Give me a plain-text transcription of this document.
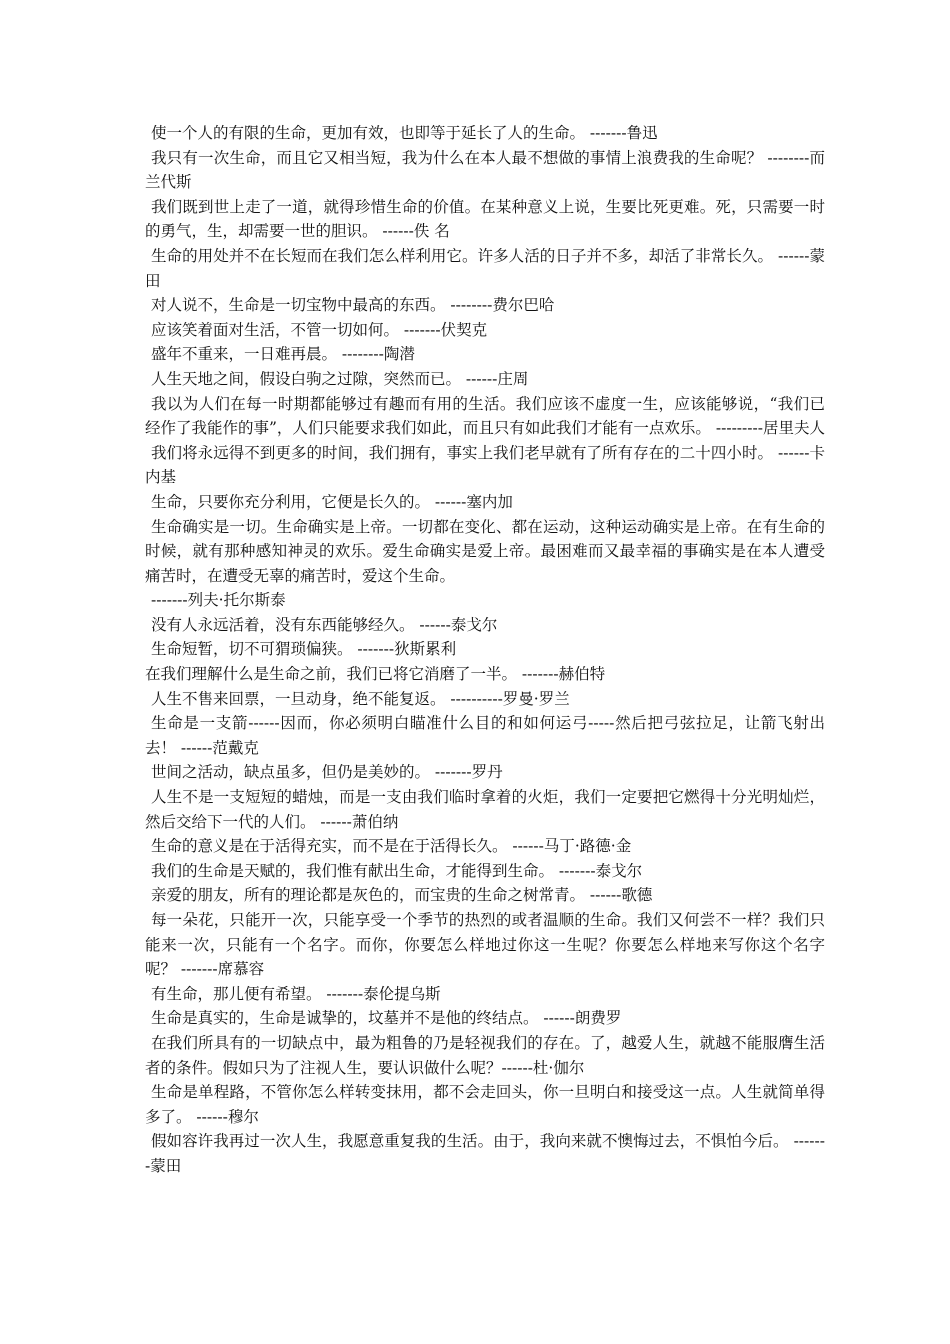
使一个人的有限的生命，更加有效，也即等于延长了人的生命。 -------鲁迅

我只有一次生命，而且它又相当短，我为什么在本人最不想做的事情上浪费我的生命呢？ --------而兰代斯

我们既到世上走了一道，就得珍惜生命的价值。在某种意义上说，生要比死更难。死，只需要一时的勇气，生，却需要一世的胆识。 ------佚 名

生命的用处并不在长短而在我们怎么样利用它。许多人活的日子并不多，却活了非常长久。 ------蒙田

对人说不，生命是一切宝物中最高的东西。 --------费尔巴哈

应该笑着面对生活，不管一切如何。 -------伏契克

盛年不重来，一日难再晨。 --------陶潜

人生天地之间，假设白驹之过隙，突然而已。 ------庄周

我以为人们在每一时期都能够过有趣而有用的生活。我们应该不虚度一生，应该能够说，“我们已经作了我能作的事”，人们只能要求我们如此，而且只有如此我们才能有一点欢乐。 ---------居里夫人

我们将永远得不到更多的时间，我们拥有，事实上我们老早就有了所有存在的二十四小时。 ------卡内基

生命，只要你充分利用，它便是长久的。 ------塞内加

生命确实是一切。生命确实是上帝。一切都在变化、都在运动，这种运动确实是上帝。在有生命的时候，就有那种感知神灵的欢乐。爱生命确实是爱上帝。最困难而又最幸福的事确实是在本人遭受痛苦时，在遭受无辜的痛苦时，爱这个生命。

-------列夫·托尔斯泰

没有人永远活着，没有东西能够经久。 ------泰戈尔

生命短暂，切不可猬琐偏狭。 -------狄斯累利

在我们理解什么是生命之前，我们已将它消磨了一半。 -------赫伯特

人生不售来回票，一旦动身，绝不能复返。 ----------罗曼·罗兰

生命是一支箭------因而，你必须明白瞄准什么目的和如何运弓-----然后把弓弦拉足，让箭飞射出去！ ------范戴克

世间之活动，缺点虽多，但仍是美妙的。 -------罗丹

人生不是一支短短的蜡烛，而是一支由我们临时拿着的火炬，我们一定要把它燃得十分光明灿烂，然后交给下一代的人们。 ------萧伯纳

生命的意义是在于活得充实，而不是在于活得长久。 ------马丁·路德·金

我们的生命是天赋的，我们惟有献出生命，才能得到生命。 -------泰戈尔

亲爱的朋友，所有的理论都是灰色的，而宝贵的生命之树常青。 ------歌德

每一朵花，只能开一次，只能享受一个季节的热烈的或者温顺的生命。我们又何尝不一样？我们只能来一次，只能有一个名字。而你，你要怎么样地过你这一生呢？你要怎么样地来写你这个名字呢？ -------席慕容

有生命，那儿便有希望。 -------泰伦提乌斯

生命是真实的，生命是诚挚的，坟墓并不是他的终结点。 ------朗费罗

在我们所具有的一切缺点中，最为粗鲁的乃是轻视我们的存在。了，越爱人生，就越不能服膺生活者的条件。假如只为了注视人生，要认识做什么呢？------杜·伽尔

生命是单程路，不管你怎么样转变抹用，都不会走回头，你一旦明白和接受这一点。人生就简单得多了。 ------穆尔

假如容许我再过一次人生，我愿意重复我的生活。由于，我向来就不懊悔过去，不惧怕今后。 -------蒙田
